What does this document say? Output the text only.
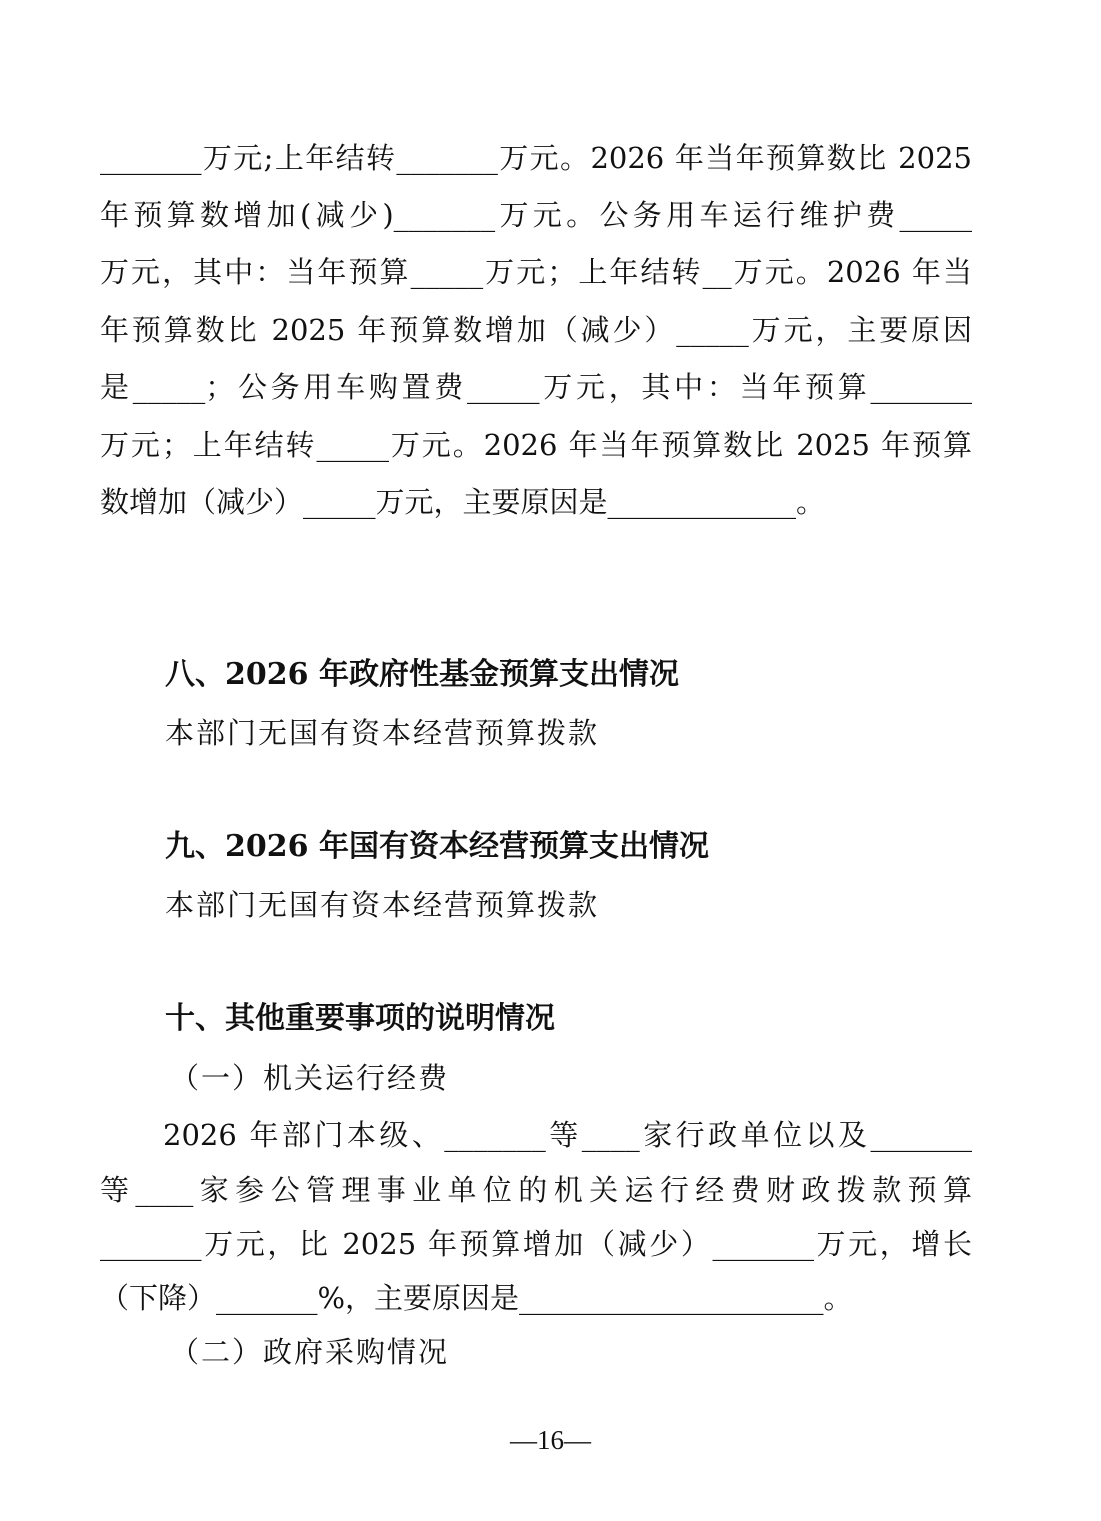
_______万元;上年结转_______万元。2026 年当年预算数比 2025
年预算数增加(减少)_______万元。公务用车运行维护费_____
万元，其中：当年预算_____万元；上年结转__万元。2026 年当
年预算数比 2025 年预算数增加（减少）_____万元，主要原因
是_____；公务用车购置费_____万元，其中：当年预算_______
万元；上年结转_____万元。2026 年当年预算数比 2025 年预算
数增加（减少）_____万元，主要原因是_____________。
八、2026 年政府性基金预算支出情况
本部门无国有资本经营预算拨款
九、2026 年国有资本经营预算支出情况
本部门无国有资本经营预算拨款
十、其他重要事项的说明情况
（一）机关运行经费
2026 年部门本级、_______等____家行政单位以及_______
等____家参公管理事业单位的机关运行经费财政拨款预算
_______万元，比 2025 年预算增加（减少）_______万元，增长
（下降）_______%，主要原因是_____________________。
（二）政府采购情况
—16—
